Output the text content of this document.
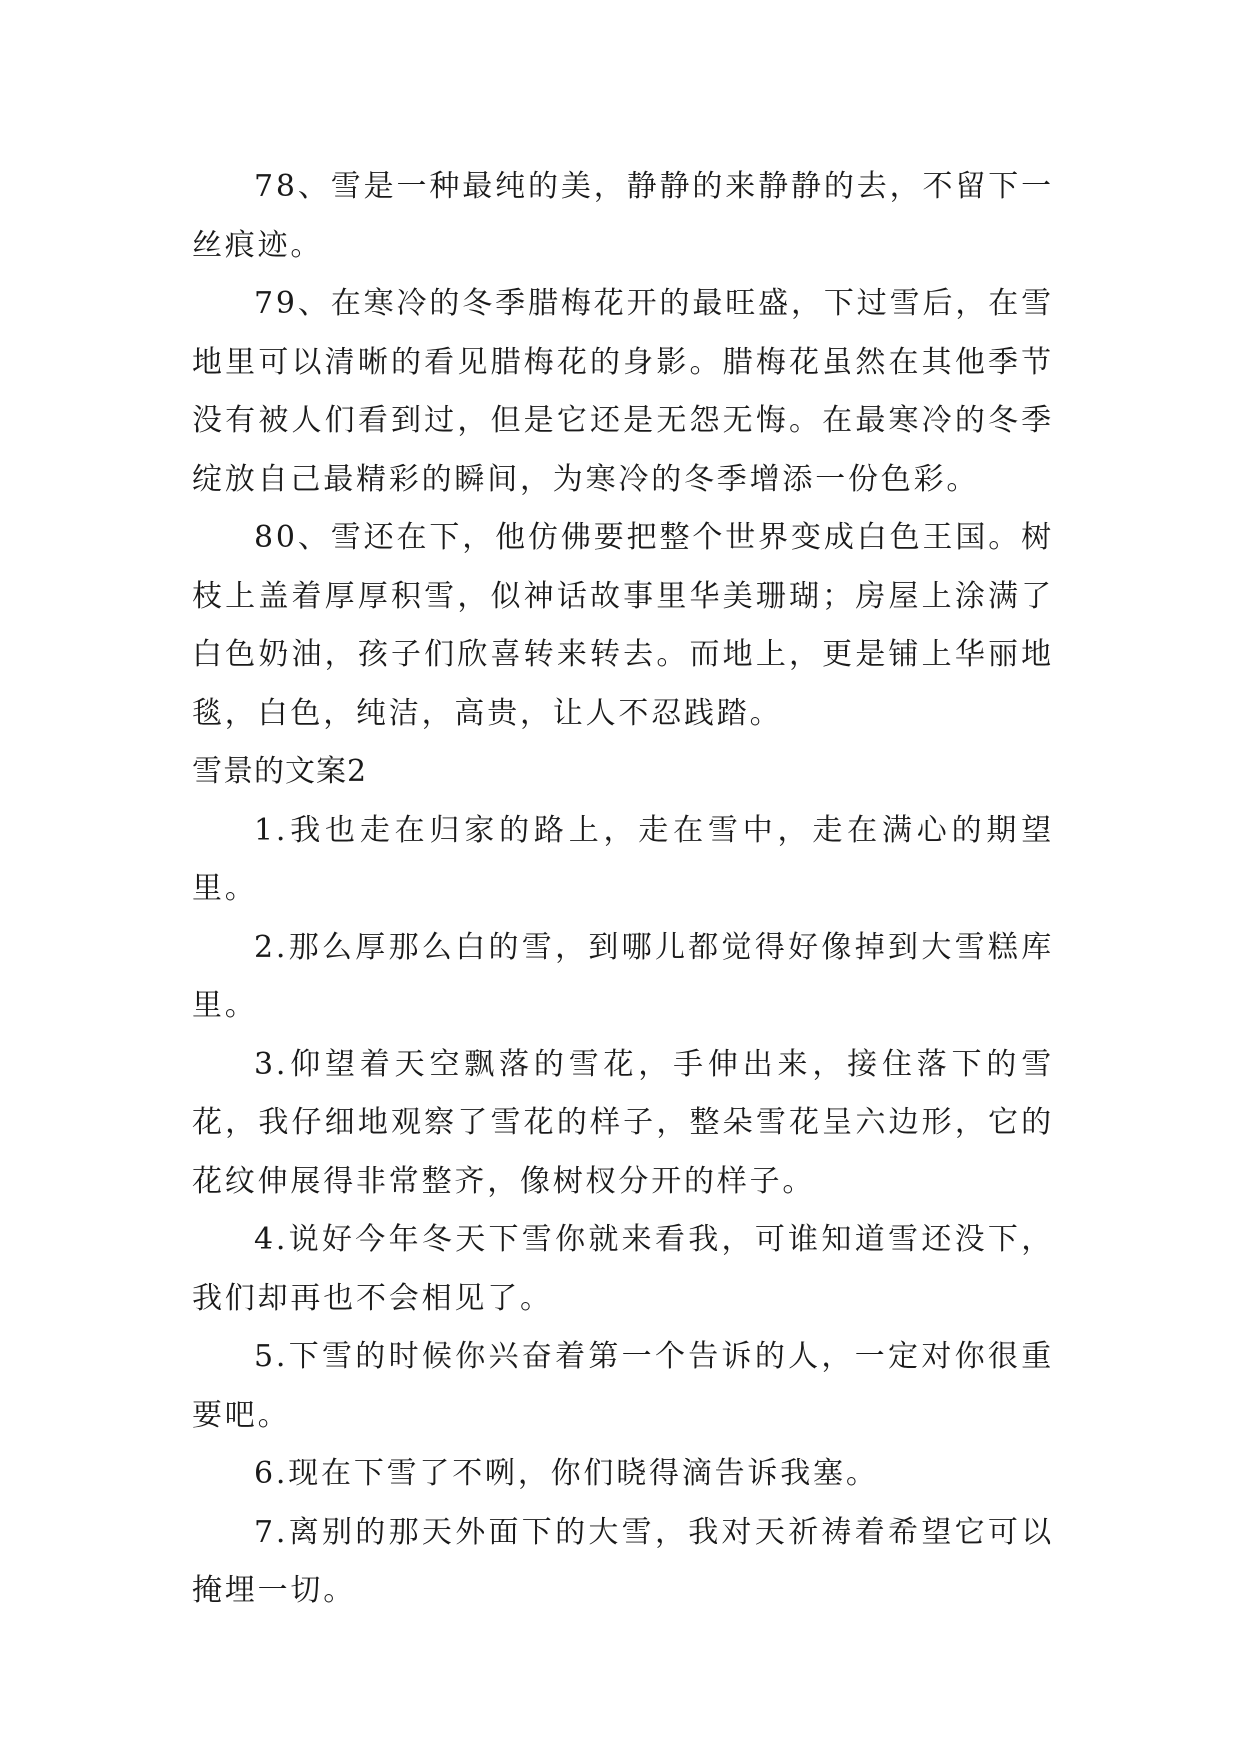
78、雪是一种最纯的美，静静的来静静的去，不留下一丝痕迹。

79、在寒冷的冬季腊梅花开的最旺盛，下过雪后，在雪地里可以清晰的看见腊梅花的身影。腊梅花虽然在其他季节没有被人们看到过，但是它还是无怨无悔。在最寒冷的冬季绽放自己最精彩的瞬间，为寒冷的冬季增添一份色彩。

80、雪还在下，他仿佛要把整个世界变成白色王国。树枝上盖着厚厚积雪，似神话故事里华美珊瑚；房屋上涂满了白色奶油，孩子们欣喜转来转去。而地上，更是铺上华丽地毯，白色，纯洁，高贵，让人不忍践踏。

雪景的文案2

1.我也走在归家的路上，走在雪中，走在满心的期望里。

2.那么厚那么白的雪，到哪儿都觉得好像掉到大雪糕库里。

3.仰望着天空飘落的雪花，手伸出来，接住落下的雪花，我仔细地观察了雪花的样子，整朵雪花呈六边形，它的花纹伸展得非常整齐，像树杈分开的样子。

4.说好今年冬天下雪你就来看我，可谁知道雪还没下，我们却再也不会相见了。

5.下雪的时候你兴奋着第一个告诉的人，一定对你很重要吧。

6.现在下雪了不咧，你们晓得滴告诉我塞。

7.离别的那天外面下的大雪，我对天祈祷着希望它可以掩埋一切。
